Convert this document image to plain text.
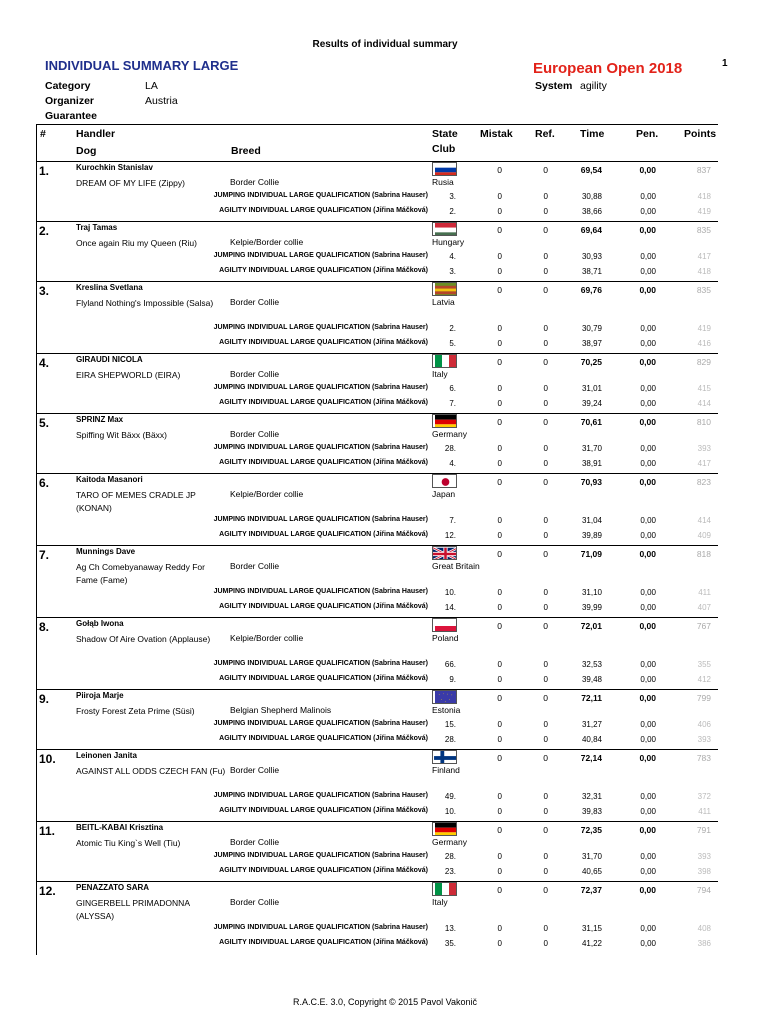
Results of individual summary
INDIVIDUAL SUMMARY LARGE	European Open 2018	1
Category	LA
Organizer	Austria
Guarantee
System agility
#	Handler
Dog	Breed
State
Club
Mistak Ref. Time	Pen. Points
1.	Kurochkin Stanislav
DREAM OF MY LIFE (Zippy)	Border Collie	Rusia
0	0	69,54	0,00	837
JUMPING INDIVIDUAL LARGE QUALIFICATION (Sabrina Hauser)	3.	0	0	30,88	0,00	418
AGILITY INDIVIDUAL LARGE QUALIFICATION (Jiřina Máčková)	2.	0	0	38,66	0,00	419
2.	Traj Tamas
Once again Riu my Queen (Riu)	Kelpie/Border collie	Hungary
0	0	69,64	0,00	835
JUMPING INDIVIDUAL LARGE QUALIFICATION (Sabrina Hauser)	4.	0	0	30,93	0,00	417
AGILITY INDIVIDUAL LARGE QUALIFICATION (Jiřina Máčková)	3.	0	0	38,71	0,00	418
3.	Kreslina Svetlana
Flyland Nothing's Impossible (Salsa)	Border Collie	Latvia
0	0	69,76	0,00	835
JUMPING INDIVIDUAL LARGE QUALIFICATION (Sabrina Hauser)	2.	0	0	30,79	0,00	419
AGILITY INDIVIDUAL LARGE QUALIFICATION (Jiřina Máčková)	5.	0	0	38,97	0,00	416
4.	GIRAUDI NICOLA
EIRA SHEPWORLD (EIRA)	Border Collie	Italy
0	0	70,25	0,00	829
JUMPING INDIVIDUAL LARGE QUALIFICATION (Sabrina Hauser)	6.	0	0	31,01	0,00	415
AGILITY INDIVIDUAL LARGE QUALIFICATION (Jiřina Máčková)	7.	0	0	39,24	0,00	414
5.	SPRINZ Max
Spiffing Wit Bäxx (Bäxx)	Border Collie	Germany
0	0	70,61	0,00	810
JUMPING INDIVIDUAL LARGE QUALIFICATION (Sabrina Hauser)	28.	0	0	31,70	0,00	393
AGILITY INDIVIDUAL LARGE QUALIFICATION (Jiřina Máčková)	4.	0	0	38,91	0,00	417
6.	Kaitoda Masanori
TARO OF MEMES CRADLE JP (KONAN)
Kelpie/Border collie	Japan
0	0	70,93	0,00	823
JUMPING INDIVIDUAL LARGE QUALIFICATION (Sabrina Hauser)	7.	0	0	31,04	0,00	414
AGILITY INDIVIDUAL LARGE QUALIFICATION (Jiřina Máčková)	12.	0	0	39,89	0,00	409
7.	Munnings Dave
Ag Ch Comebyanaway Reddy For Fame (Fame)
Border Collie	Great Britain
0	0	71,09	0,00	818
JUMPING INDIVIDUAL LARGE QUALIFICATION (Sabrina Hauser)	10.	0	0	31,10	0,00	411
AGILITY INDIVIDUAL LARGE QUALIFICATION (Jiřina Máčková)	14.	0	0	39,99	0,00	407
8.	Gołąb Iwona
Shadow Of Aire Ovation (Applause)	Kelpie/Border collie	Poland
0	0	72,01	0,00	767
JUMPING INDIVIDUAL LARGE QUALIFICATION (Sabrina Hauser)	66.	0	0	32,53	0,00	355
AGILITY INDIVIDUAL LARGE QUALIFICATION (Jiřina Máčková)	9.	0	0	39,48	0,00	412
9.	Piiroja Marje
Frosty Forest Zeta Prime (Süsi)	Belgian Shepherd Malinois	Estonia
0	0	72,11	0,00	799
JUMPING INDIVIDUAL LARGE QUALIFICATION (Sabrina Hauser)	15.	0	0	31,27	0,00	406
AGILITY INDIVIDUAL LARGE QUALIFICATION (Jiřina Máčková)	28.	0	0	40,84	0,00	393
10.	Leinonen Janita
AGAINST ALL ODDS CZECH FAN (Fu) Border Collie	Finland
0	0	72,14	0,00	783
JUMPING INDIVIDUAL LARGE QUALIFICATION (Sabrina Hauser)	49.	0	0	32,31	0,00	372
AGILITY INDIVIDUAL LARGE QUALIFICATION (Jiřina Máčková)	10.	0	0	39,83	0,00	411
11.	BEITL-KABAI Krisztina
Atomic Tiu King`s Well (Tiu)	Border Collie	Germany
0	0	72,35	0,00	791
JUMPING INDIVIDUAL LARGE QUALIFICATION (Sabrina Hauser)	28.	0	0	31,70	0,00	393
AGILITY INDIVIDUAL LARGE QUALIFICATION (Jiřina Máčková)	23.	0	0	40,65	0,00	398
12.	PENAZZATO SARA
GINGERBELL PRIMADONNA (ALYSSA)
Border Collie	Italy
0	0	72,37	0,00	794
JUMPING INDIVIDUAL LARGE QUALIFICATION (Sabrina Hauser)	13.	0	0	31,15	0,00	408
AGILITY INDIVIDUAL LARGE QUALIFICATION (Jiřina Máčková)	35.	0	0	41,22	0,00	386
R.A.C.E. 3.0, Copyright © 2015 Pavol Vakonič
